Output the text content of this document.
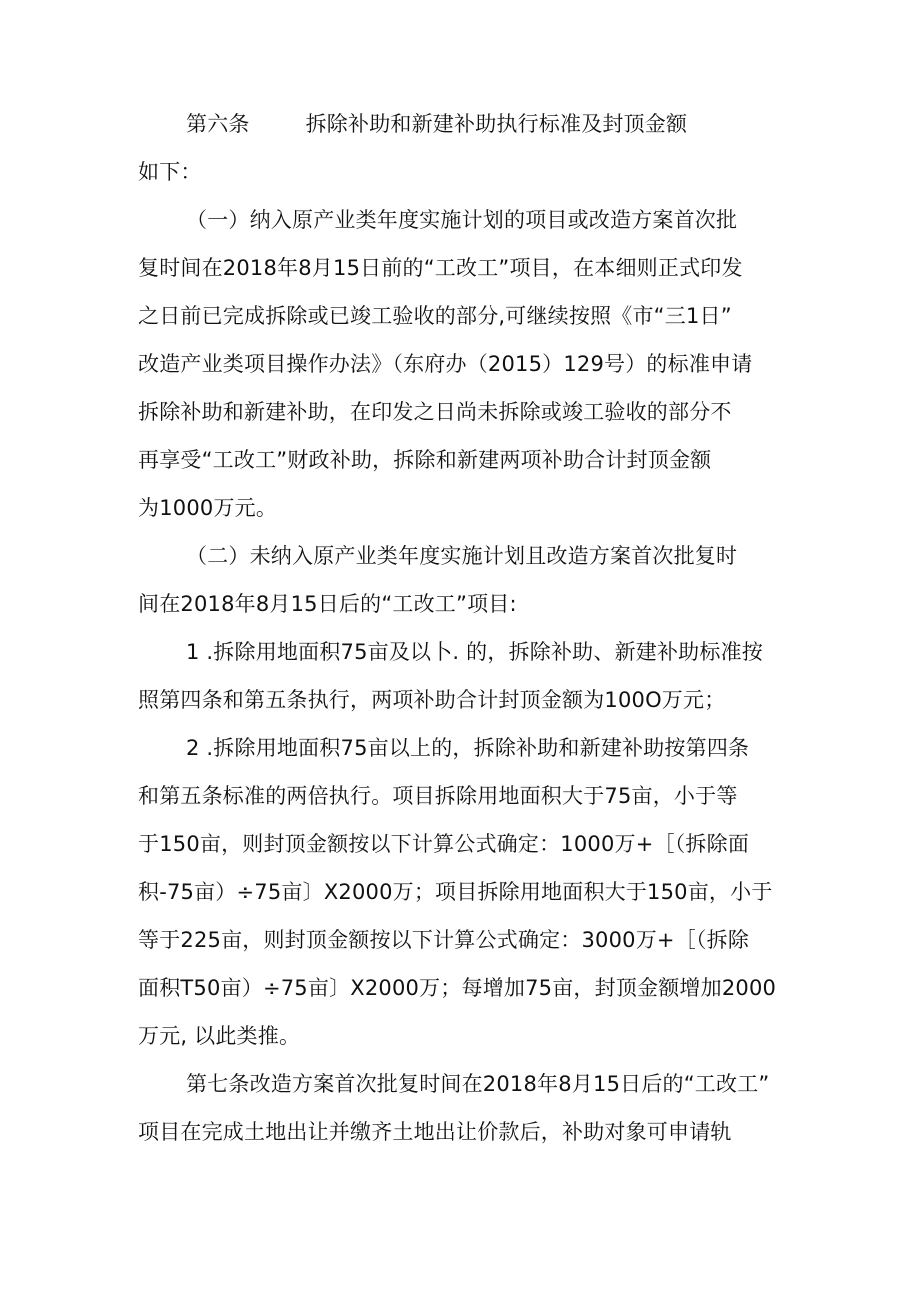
第六条	拆除补助和新建补助执行标准及封顶金额
如下：
（一）纳入原产业类年度实施计划的项目或改造方案首次批
复时间在2018年8月15日前的“工改工”项目，在本细则正式印发
之日前已完成拆除或已竣工验收的部分,可继续按照《市“三1日”
改造产业类项目操作办法》（东府办（2015）129号）的标准申请
拆除补助和新建补助，在印发之日尚未拆除或竣工验收的部分不
再享受“工改工”财政补助，拆除和新建两项补助合计封顶金额
为1000万元。
（二）未纳入原产业类年度实施计划且改造方案首次批复时
间在2018年8月15日后的“工改工”项目:
1 .拆除用地面积75亩及以卜. 的，拆除补助、新建补助标准按
照第四条和第五条执行，两项补助合计封顶金额为100O万元；
2 .拆除用地面积75亩以上的，拆除补助和新建补助按第四条
和第五条标准的两倍执行。项目拆除用地面积大于75亩，小于等
于150亩，则封顶金额按以下计算公式确定：1000万+［（拆除面
积-75亩）÷75亩〕X2000万；项目拆除用地面积大于150亩，小于
等于225亩，则封顶金额按以下计算公式确定：3000万+［（拆除
面积T50亩）÷75亩〕X2000万；每增加75亩，封顶金额增加2000
万元, 以此类推。
第七条改造方案首次批复时间在2018年8月15日后的“工改工”
项目在完成土地出让并缴齐土地出让价款后，补助对象可申请轨
